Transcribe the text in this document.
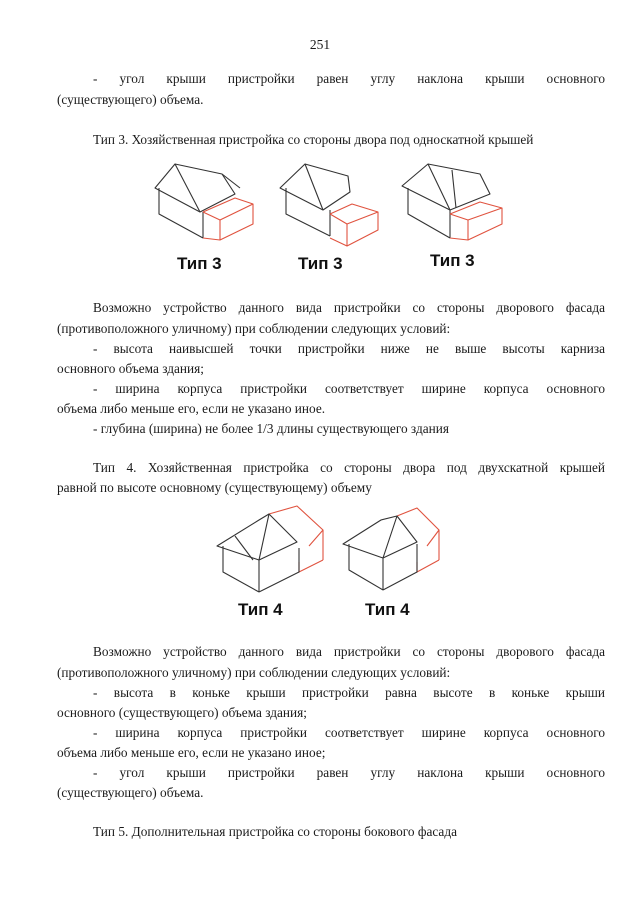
251
- угол крыши пристройки равен углу наклона крыши основного
(существующего) объема.
Тип 3. Хозяйственная пристройка со стороны двора под односкатной крышей
Тип 3	Тип 3	Тип 3
Возможно устройство данного вида пристройки со стороны дворового фасада
(противоположного уличному) при соблюдении следующих условий:
- высота наивысшей точки пристройки ниже не выше высоты карниза
основного объема здания;
- ширина корпуса пристройки соответствует ширине корпуса основного
объема либо меньше его, если не указано иное.
- глубина (ширина) не более 1/3 длины существующего здания
Тип 4. Хозяйственная пристройка со стороны двора под двухскатной крышей
равной по высоте основному (существующему) объему
Тип 4	Тип 4
Возможно устройство данного вида пристройки со стороны дворового фасада
(противоположного уличному) при соблюдении следующих условий:
- высота в коньке крыши пристройки равна высоте в коньке крыши
основного (существующего) объема здания;
- ширина корпуса пристройки соответствует ширине корпуса основного
объема либо меньше его, если не указано иное;
- угол крыши пристройки равен углу наклона крыши основного
(существующего) объема.
Тип 5. Дополнительная пристройка со стороны бокового фасада
